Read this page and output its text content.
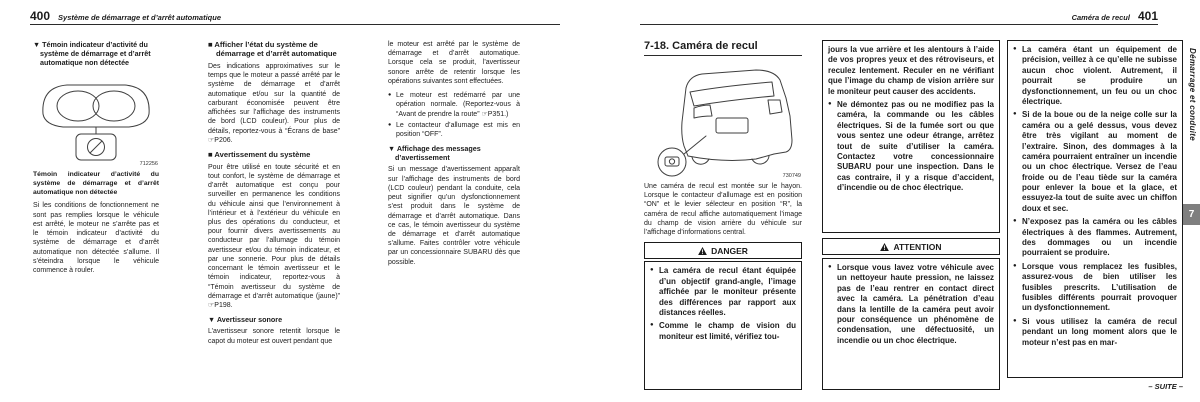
400 Système de démarrage et d’arrêt automatique	Caméra de recul 401
▼ Témoin indicateur d’activité du système de démarrage et d’arrêt automatique non détectée
712256
Témoin indicateur d’activité du système de démarrage et d’arrêt automatique non détectée

Si les conditions de fonctionnement ne sont pas remplies lorsque le véhicule est arrêté, le moteur ne s’arrête pas et le témoin indicateur d’activité du système de démarrage et d’arrêt automatique non détectée s’allume. Il s’éteindra lorsque le véhicule commence à rouler.

■ Afficher l’état du système de démarrage et d’arrêt automatique

Des indications approximatives sur le temps que le moteur a passé arrêté par le système de démarrage et d’arrêt automatique et/ou sur la quantité de carburant économisée peuvent être affichées sur l’affichage des instruments de bord (LCD couleur). Pour plus de détails, reportez-vous à “Écrans de base” ☞P206.

■ Avertissement du système

Pour être utilisé en toute sécurité et en tout confort, le système de démarrage et d’arrêt automatique est conçu pour surveiller en permanence les conditions du véhicule ainsi que l’environnement à l’intérieur et à l’extérieur du véhicule en plus des opérations du conducteur, et pour fournir divers avertissements au conducteur par l’allumage du témoin avertisseur et/ou du témoin indicateur, et par une sonnerie. Pour plus de détails concernant le témoin avertisseur et le témoin indicateur, reportez-vous à “Témoin avertisseur du système de démarrage et d’arrêt automatique (jaune)” ☞P198.

▼ Avertisseur sonore

L’avertisseur sonore retentit lorsque le capot du moteur est ouvert pendant que

le moteur est arrêté par le système de démarrage et d’arrêt automatique. Lorsque cela se produit, l’avertisseur sonore arrête de retentir lorsque les opérations suivantes sont effectuées.

● Le moteur est redémarré par une opération normale. (Reportez-vous à “Avant de prendre la route” ☞P351.)
● Le contacteur d’allumage est mis en position “OFF”.
▼ Affichage des messages d’avertissement

Si un message d’avertissement apparaît sur l’affichage des instruments de bord (LCD couleur) pendant la conduite, cela peut signifier qu’un dysfonctionnement s’est produit dans le système de démarrage et d’arrêt automatique. Dans ce cas, le témoin avertisseur du système de démarrage et d’arrêt automatique s’allume. Faites contrôler votre véhicule par un concessionnaire SUBARU dès que possible.

7-18. Caméra de recul
730749

Une caméra de recul est montée sur le hayon. Lorsque le contacteur d’allumage est en position “ON” et le levier sélecteur en position “R”, la caméra de recul affiche automatiquement l’image du champ de vision arrière du véhicule sur l’affichage d’informations central.

DANGER
● La caméra de recul étant équipée d’un objectif grand-angle, l’image affichée par le moniteur présente des différences par rapport aux distances réelles.
● Comme le champ de vision du moniteur est limité, vérifiez tou-
jours la vue arrière et les alentours à l’aide de vos propres yeux et des rétroviseurs, et reculez lentement. Reculer en ne vérifiant que l’image du champ de vision arrière sur le moniteur peut causer des accidents.
● Ne démontez pas ou ne modifiez pas la caméra, la commande ou les câbles électriques. Si de la fumée sort ou que vous sentez une odeur étrange, arrêtez tout de suite d’utiliser la caméra. Contactez votre concessionnaire SUBARU pour une inspection. Dans le cas contraire, il y a risque d’accident, d’incendie ou de choc électrique.
ATTENTION
● Lorsque vous lavez votre véhicule avec un nettoyeur haute pression, ne laissez pas de l’eau rentrer en contact direct avec la caméra. La pénétration d’eau dans la lentille de la caméra peut avoir pour conséquence un phénomène de condensation, une défectuosité, un incendie ou un choc électrique.
● La caméra étant un équipement de précision, veillez à ce qu’elle ne subisse aucun choc violent. Autrement, il pourrait se produire un dysfonctionnement, un feu ou un choc électrique.
● Si de la boue ou de la neige colle sur la caméra ou a gelé dessus, vous devez être très vigilant au moment de l’extraire. Sinon, des dommages à la caméra pourraient entraîner un incendie ou un choc électrique. Versez de l’eau froide ou de l’eau tiède sur la caméra pour enlever la boue et la glace, et essuyez-la tout de suite avec un chiffon doux et sec.
● N’exposez pas la caméra ou les câbles électriques à des flammes. Autrement, des dommages ou un incendie pourraient se produire.
● Lorsque vous remplacez les fusibles, assurez-vous de bien utiliser les fusibles prescrits. L’utilisation de fusibles différents pourrait provoquer un dysfonctionnement.
● Si vous utilisez la caméra de recul pendant un long moment alors que le moteur n’est pas en mar-
– SUITE –
Démarrage et conduite
7
